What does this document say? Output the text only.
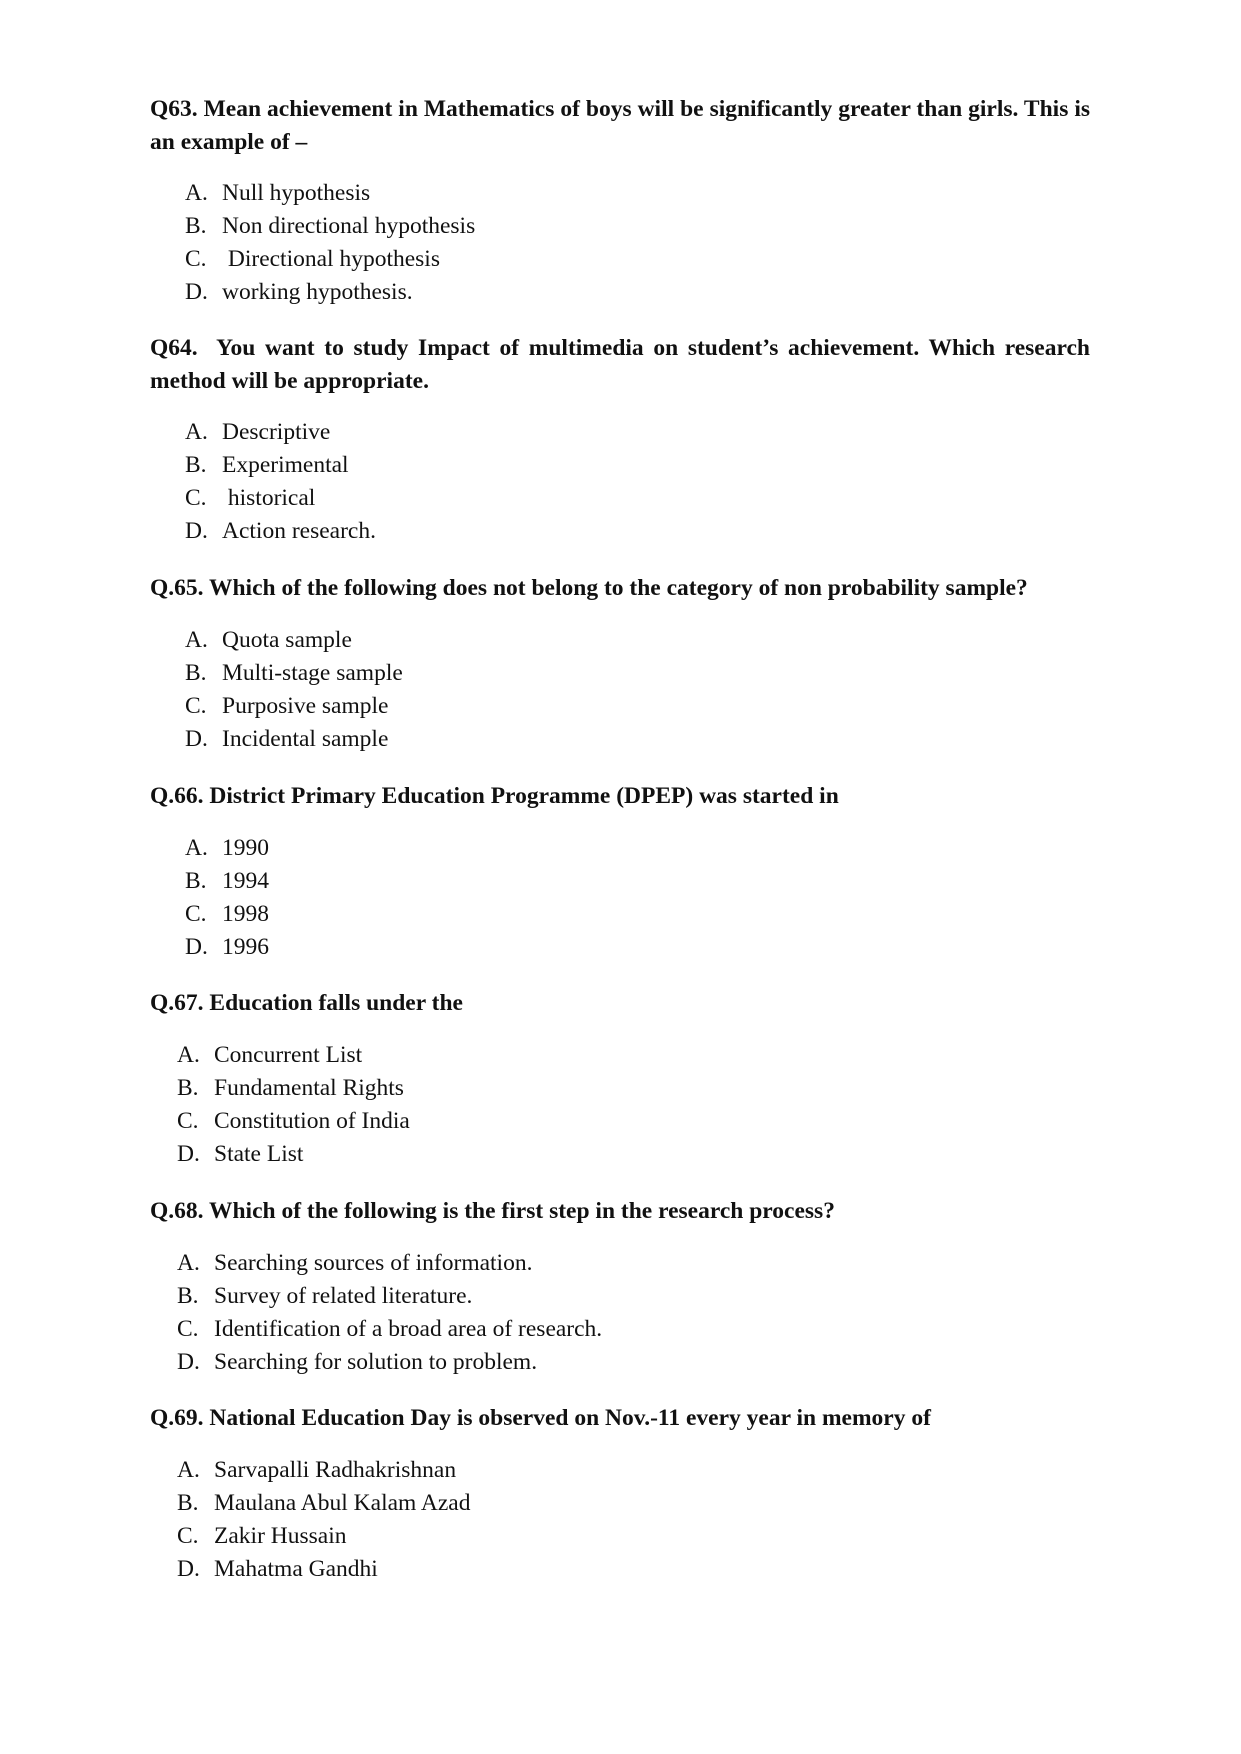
Q63. Mean achievement in Mathematics of boys will be significantly greater than girls. This is an example of –

A. Null hypothesis
B. Non directional hypothesis
C. Directional hypothesis
D. working hypothesis.

Q64.  You want to study Impact of multimedia on student’s achievement. Which research method will be appropriate.

A. Descriptive
B. Experimental
C. historical
D. Action research.

Q.65. Which of the following does not belong to the category of non probability sample?

A. Quota sample
B. Multi-stage sample
C. Purposive sample
D. Incidental sample

Q.66. District Primary Education Programme (DPEP) was started in

A. 1990
B. 1994
C. 1998
D. 1996

Q.67. Education falls under the

A. Concurrent List
B. Fundamental Rights
C. Constitution of India
D. State List

Q.68. Which of the following is the first step in the research process?

A. Searching sources of information.
B. Survey of related literature.
C. Identification of a broad area of research.
D. Searching for solution to problem.

Q.69. National Education Day is observed on Nov.-11 every year in memory of

A. Sarvapalli Radhakrishnan
B. Maulana Abul Kalam Azad
C. Zakir Hussain
D. Mahatma Gandhi
